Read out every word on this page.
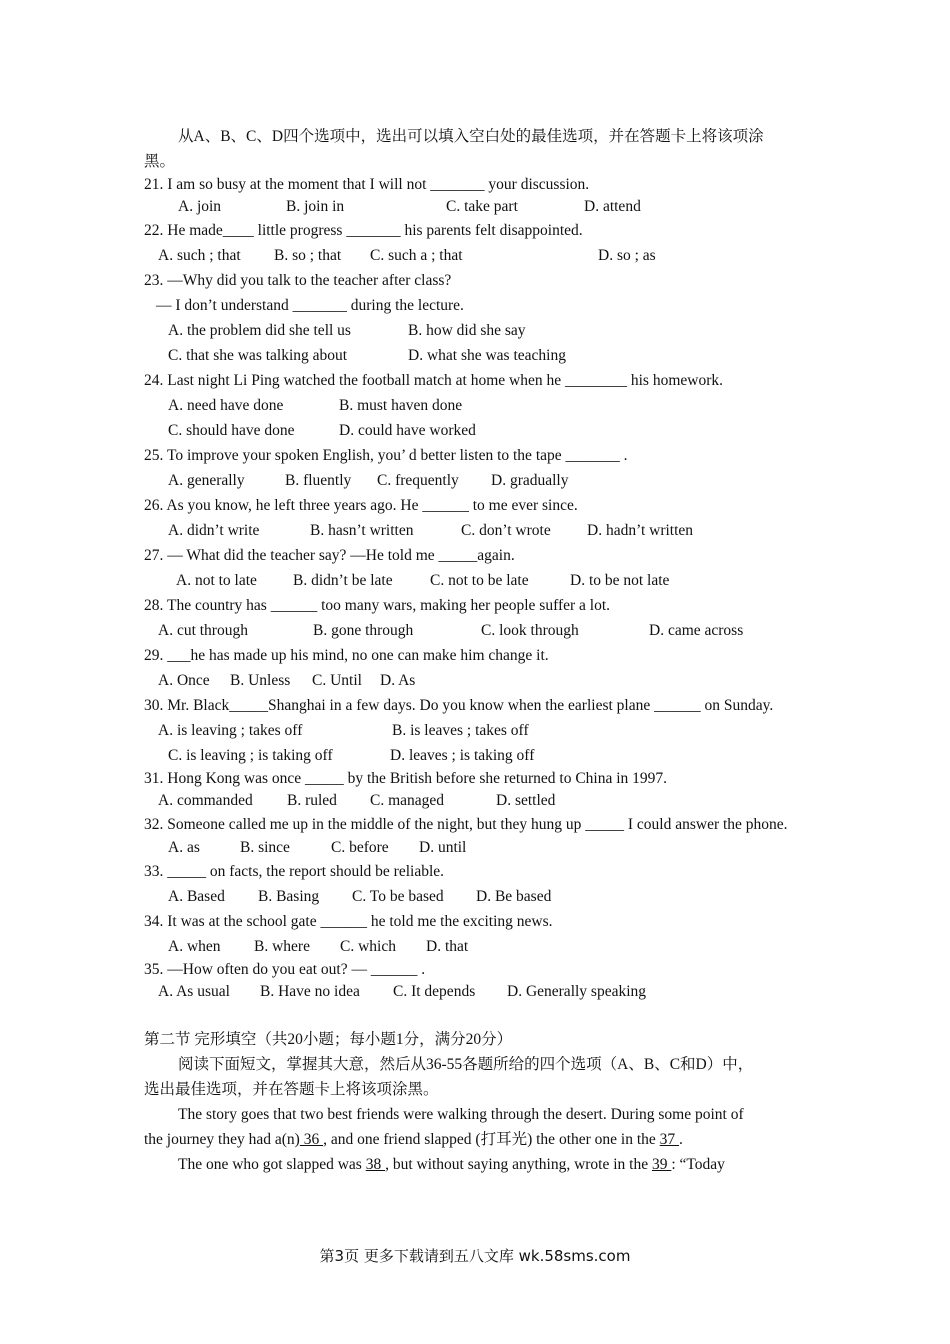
从A、B、C、D四个选项中，选出可以填入空白处的最佳选项，并在答题卡上将该项涂
黑。
21. I am so busy at the moment that I will not _______ your discussion.
A. join	B. join in	C. take part	D. attend
22. He made____ little progress _______ his parents felt disappointed.
A. such ; that B. so ; that C. such a ; that	D. so ; as
23. —Why did you talk to the teacher after class?
— I don’t understand _______ during the lecture.
A. the problem did she tell us	B. how did she say
C. that she was talking about	D. what she was teaching
24. Last night Li Ping watched the football match at home when he ________ his homework.
A. need have done	B. must haven done
C. should have done	D. could have worked
25. To improve your spoken English, you’ d better listen to the tape _______ .
A. generally	B. fluently C. frequently D. gradually
26. As you know, he left three years ago. He ______ to me ever since.
A. didn’t write	B. hasn’t written	C. don’t wrote D. hadn’t written
27. — What did the teacher say? —He told me _____again.
A. not to late B. didn’t be late C. not to be late	D. to be not late
28. The country has ______ too many wars, making her people suffer a lot.
A. cut through	B. gone through	C. look through	D. came across
29. ___he has made up his mind, no one can make him change it.
A. Once B. Unless C. Until D. As
30. Mr. Black_____Shanghai in a few days. Do you know when the earliest plane ______ on Sunday.
A. is leaving ; takes off	B. is leaves ; takes off
C. is leaving ; is taking off	D. leaves ; is taking off
31. Hong Kong was once _____ by the British before she returned to China in 1997.
A. commanded B. ruled C. managed	D. settled
32. Someone called me up in the middle of the night, but they hung up _____ I could answer the phone.
A. as	B. since	C. before D. until
33. _____ on facts, the report should be reliable.
A. Based B. Basing C. To be based D. Be based
34. It was at the school gate ______ he told me the exciting news.
A. when B. where C. which D. that
35. —How often do you eat out? — ______ .
A. As usual B. Have no idea C. It depends D. Generally speaking
第二节 完形填空（共20小题；每小题1分，满分20分）
阅读下面短文，掌握其大意，然后从36-55各题所给的四个选项（A、B、C和D）中，
选出最佳选项，并在答题卡上将该项涂黑。
The story goes that two best friends were walking through the desert. During some point of
the journey they had a(n) 36 , and one friend slapped (打耳光) the other one in the 37 .
The one who got slapped was 38 , but without saying anything, wrote in the 39 : “Today
第3页 更多下载请到五八文库 wk.58sms.com
